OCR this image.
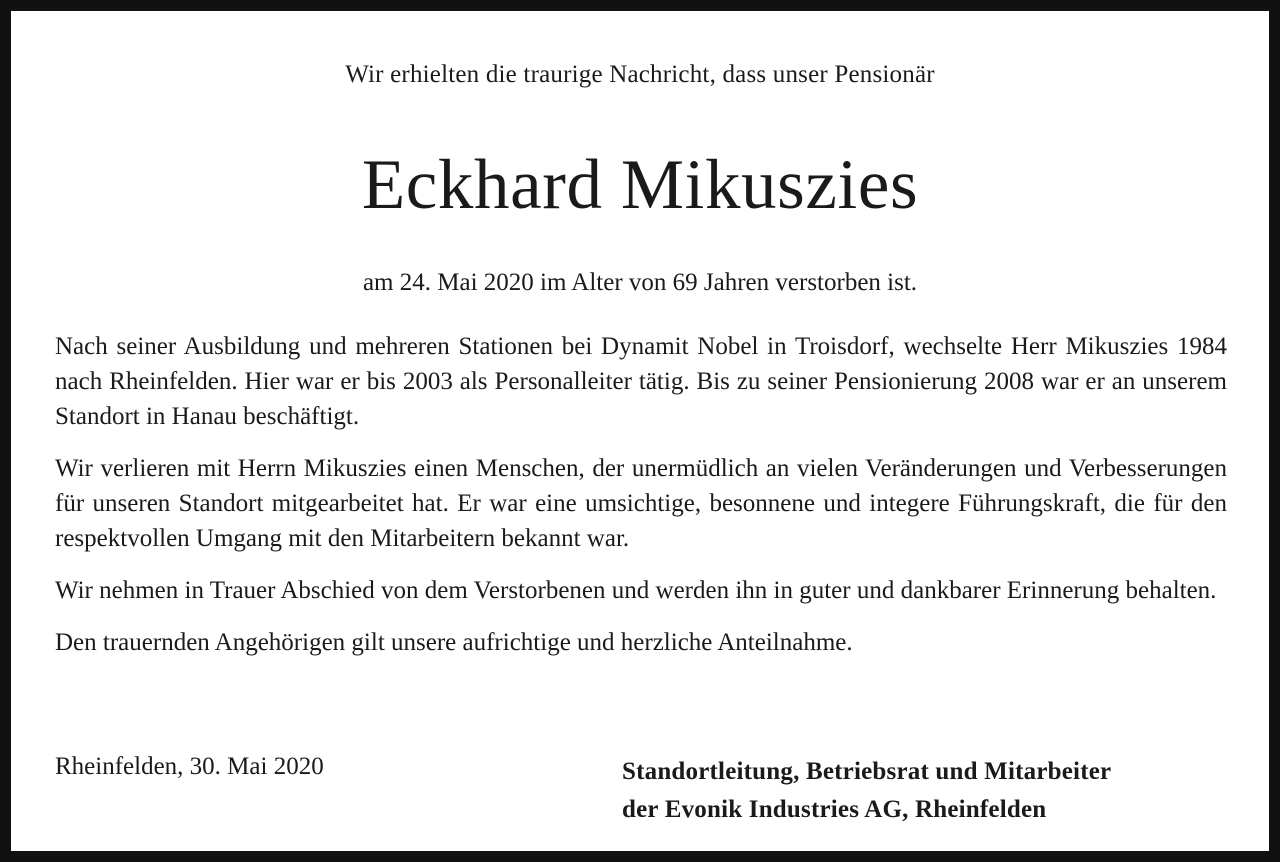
Wir erhielten die traurige Nachricht, dass unser Pensionär
Eckhard Mikuszies
am 24. Mai 2020 im Alter von 69 Jahren verstorben ist.

Nach seiner Ausbildung und mehreren Stationen bei Dynamit Nobel in Troisdorf, wechselte Herr Mikuszies 1984 nach Rheinfelden. Hier war er bis 2003 als Personalleiter tätig. Bis zu seiner Pensionierung 2008 war er an unserem Standort in Hanau beschäftigt.

Wir verlieren mit Herrn Mikuszies einen Menschen, der unermüdlich an vielen Veränderungen und Verbesserungen für unseren Standort mitgearbeitet hat. Er war eine umsichtige, besonnene und integere Führungskraft, die für den respektvollen Umgang mit den Mitarbeitern bekannt war.

Wir nehmen in Trauer Abschied von dem Verstorbenen und werden ihn in guter und dankbarer Erinnerung behalten.

Den trauernden Angehörigen gilt unsere aufrichtige und herzliche Anteilnahme.

Rheinfelden, 30. Mai 2020	Standortleitung, Betriebsrat und Mitarbeiter
der Evonik Industries AG, Rheinfelden
